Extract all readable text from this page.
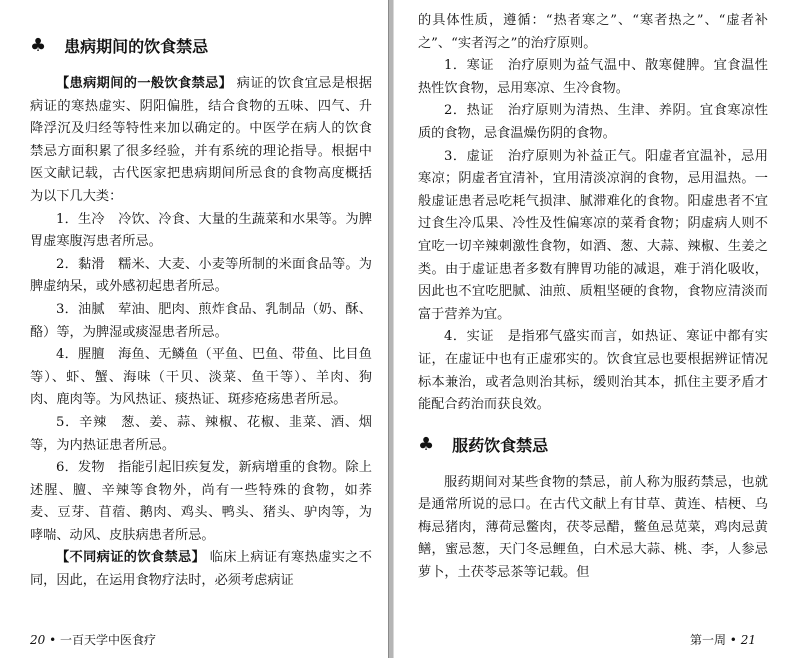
♣ 患病期间的饮食禁忌

【患病期间的一般饮食禁忌】 病证的饮食宜忌是根据病证的寒热虚实、阴阳偏胜，结合食物的五味、四气、升降浮沉及归经等特性来加以确定的。中医学在病人的饮食禁忌方面积累了很多经验，并有系统的理论指导。根据中医文献记载，古代医家把患病期间所忌食的食物高度概括为以下几大类：

1．生冷　冷饮、冷食、大量的生蔬菜和水果等。为脾胃虚寒腹泻患者所忌。

2．黏滑　糯米、大麦、小麦等所制的米面食品等。为脾虚纳呆，或外感初起患者所忌。

3．油腻　荤油、肥肉、煎炸食品、乳制品（奶、酥、酪）等，为脾湿或痰湿患者所忌。

4．腥膻　海鱼、无鳞鱼（平鱼、巴鱼、带鱼、比目鱼等）、虾、蟹、海味（干贝、淡菜、鱼干等）、羊肉、狗肉、鹿肉等。为风热证、痰热证、斑疹疮疡患者所忌。

5．辛辣　葱、姜、蒜、辣椒、花椒、韭菜、酒、烟等，为内热证患者所忌。

6．发物　指能引起旧疾复发，新病增重的食物。除上述腥、膻、辛辣等食物外，尚有一些特殊的食物，如荞麦、豆芽、苜蓿、鹅肉、鸡头、鸭头、猪头、驴肉等，为哮喘、动风、皮肤病患者所忌。

【不同病证的饮食禁忌】 临床上病证有寒热虚实之不同，因此，在运用食物疗法时，必须考虑病证

20 • 一百天学中医食疗

的具体性质，遵循：“热者寒之”、“寒者热之”、“虚者补之”、“实者泻之”的治疗原则。

1．寒证　治疗原则为益气温中、散寒健脾。宜食温性热性饮食物，忌用寒凉、生冷食物。

2．热证　治疗原则为清热、生津、养阴。宜食寒凉性质的食物，忌食温燥伤阴的食物。

3．虚证　治疗原则为补益正气。阳虚者宜温补，忌用寒凉；阴虚者宜清补，宜用清淡凉润的食物，忌用温热。一般虚证患者忌吃耗气损津、腻滞难化的食物。阳虚患者不宜过食生冷瓜果、冷性及性偏寒凉的菜肴食物；阴虚病人则不宜吃一切辛辣刺激性食物，如酒、葱、大蒜、辣椒、生姜之类。由于虚证患者多数有脾胃功能的减退，难于消化吸收，因此也不宜吃肥腻、油煎、质粗坚硬的食物，食物应清淡而富于营养为宜。

4．实证　是指邪气盛实而言，如热证、寒证中都有实证，在虚证中也有正虚邪实的。饮食宜忌也要根据辨证情况标本兼治，或者急则治其标，缓则治其本，抓住主要矛盾才能配合药治而获良效。

♣ 服药饮食禁忌

服药期间对某些食物的禁忌，前人称为服药禁忌，也就是通常所说的忌口。在古代文献上有甘草、黄连、桔梗、乌梅忌猪肉，薄荷忌鳖肉，茯苓忌醋，鳖鱼忌苋菜，鸡肉忌黄鳝，蜜忌葱，天门冬忌鲤鱼，白术忌大蒜、桃、李，人参忌萝卜，土茯苓忌茶等记载。但

第一周 • 21
